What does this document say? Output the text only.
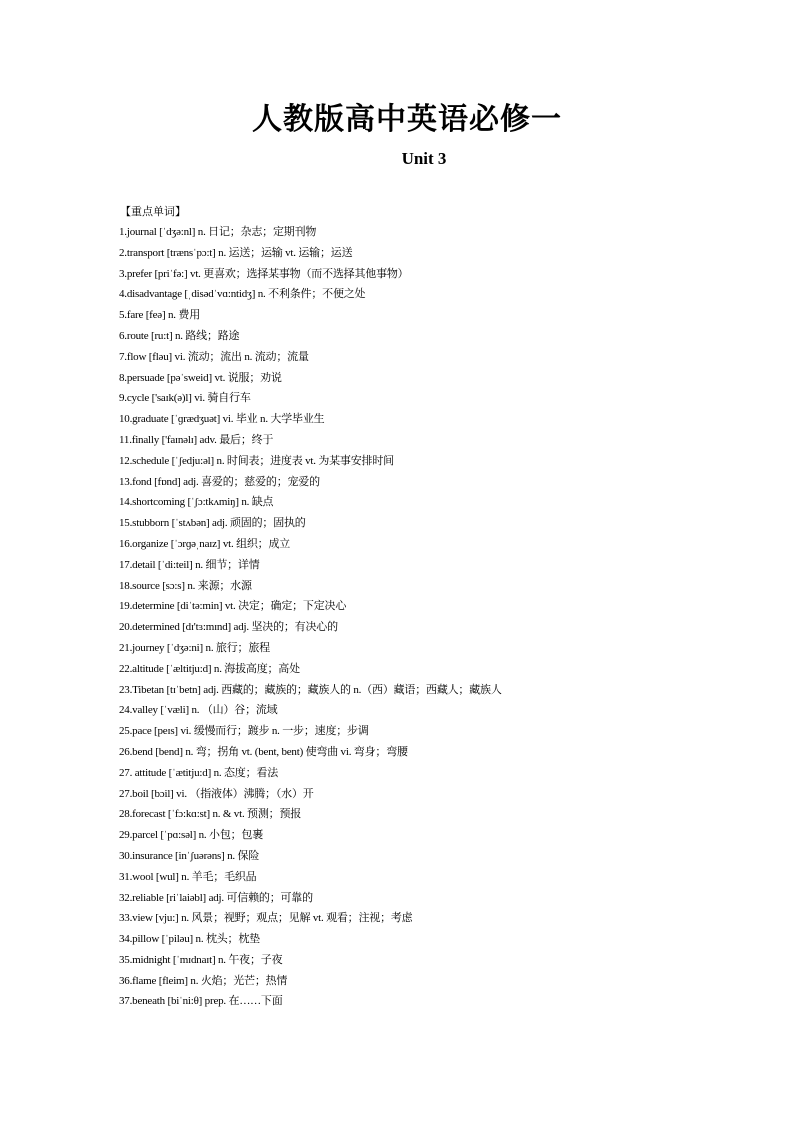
人教版高中英语必修一
Unit 3
【重点单词】
1.journal [ˈdʒə:nl] n. 日记；杂志；定期刊物
2.transport [trænsˈpɔ:t] n. 运送；运输 vt. 运输；运送
3.prefer [priˈfə:] vt. 更喜欢；选择某事物（而不选择其他事物）
4.disadvantage [ˌdisədˈvɑ:ntidʒ] n. 不利条件；不便之处
5.fare [feə] n. 费用
6.route [ru:t] n. 路线；路途
7.flow [fləu] vi. 流动；流出 n. 流动；流量
8.persuade [pəˈsweid] vt. 说服；劝说
9.cycle ['saɪk(ə)l] vi. 骑自行车
10.graduate [ˈɡrædʒuət] vi. 毕业 n. 大学毕业生
11.finally ['faɪnəlɪ] adv. 最后；终于
12.schedule [ˈʃedju:əl] n. 时间表；进度表 vt. 为某事安排时间
13.fond [fɒnd] adj. 喜爱的；慈爱的；宠爱的
14.shortcoming [ˈʃɔ:tkʌmiŋ] n. 缺点
15.stubborn [ˈstʌbən] adj. 顽固的；固执的
16.organize [ˈɔrɡəˌnaɪz] vt. 组织；成立
17.detail [ˈdi:teil] n. 细节；详情
18.source [sɔ:s] n. 来源；水源
19.determine [diˈtə:min] vt. 决定；确定；下定决心
20.determined [dɪ'tɜ:mɪnd] adj. 坚决的；有决心的
21.journey [ˈdʒə:ni] n. 旅行；旅程
22.altitude [ˈæltitju:d] n. 海拔高度；高处
23.Tibetan [tɪˈbetn] adj. 西藏的；藏族的；藏族人的 n.（西）藏语；西藏人；藏族人
24.valley [ˈvæli] n. （山）谷；流域
25.pace [peɪs] vi. 缓慢而行；踱步 n. 一步；速度；步调
26.bend [bend] n. 弯；拐角 vt. (bent, bent) 使弯曲 vi. 弯身；弯腰
27. attitude [ˈætitju:d] n. 态度；看法
27.boil [bɔil] vi. （指液体）沸腾；（水）开
28.forecast [ˈfɔ:kɑ:st] n. & vt. 预测；预报
29.parcel [ˈpɑ:səl] n. 小包；包裹
30.insurance [inˈʃuərəns] n. 保险
31.wool [wul] n. 羊毛；毛织品
32.reliable [riˈlaiəbl] adj. 可信赖的；可靠的
33.view [vju:] n. 风景；视野；观点；见解 vt. 观看；注视；考虑
34.pillow [ˈpiləu] n. 枕头；枕垫
35.midnight [ˈmɪdnaɪt] n. 午夜；子夜
36.flame [fleim] n. 火焰；光芒；热情
37.beneath [biˈni:θ] prep. 在……下面
